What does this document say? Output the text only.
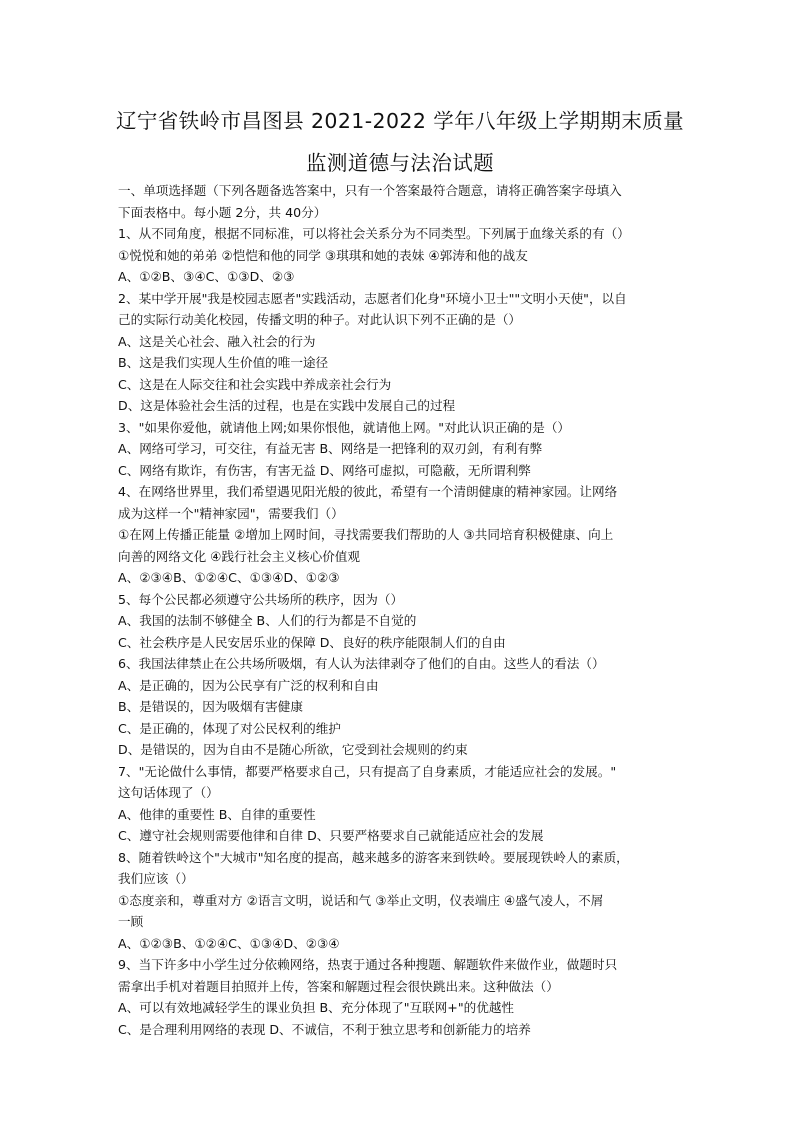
辽宁省铁岭市昌图县 2021-2022 学年八年级上学期期末质量
监测道德与法治试题
一、单项选择题（下列各题备选答案中，只有一个答案最符合题意，请将正确答案字母填入
下面表格中。每小题 2分，共 40分）
1、从不同角度，根据不同标准，可以将社会关系分为不同类型。下列属于血缘关系的有（）
①悦悦和她的弟弟 ②恺恺和他的同学 ③琪琪和她的表妹 ④郭涛和他的战友
A、①②B、③④C、①③D、②③
2、某中学开展"我是校园志愿者"实践活动，志愿者们化身"环境小卫士""文明小天使"，以自
己的实际行动美化校园，传播文明的种子。对此认识下列不正确的是（）
A、这是关心社会、融入社会的行为
B、这是我们实现人生价值的唯一途径
C、这是在人际交往和社会实践中养成亲社会行为
D、这是体验社会生活的过程，也是在实践中发展自己的过程
3、"如果你爱他，就请他上网;如果你恨他，就请他上网。"对此认识正确的是（）
A、网络可学习，可交往，有益无害 B、网络是一把锋利的双刃剑，有利有弊
C、网络有欺诈，有伤害，有害无益 D、网络可虚拟，可隐蔽，无所谓利弊
4、在网络世界里，我们希望遇见阳光般的彼此，希望有一个清朗健康的精神家园。让网络
成为这样一个"精神家园"，需要我们（）
①在网上传播正能量 ②增加上网时间，寻找需要我们帮助的人 ③共同培育积极健康、向上
向善的网络文化 ④践行社会主义核心价值观
A、②③④B、①②④C、①③④D、①②③
5、每个公民都必须遵守公共场所的秩序，因为（）
A、我国的法制不够健全 B、人们的行为都是不自觉的
C、社会秩序是人民安居乐业的保障 D、良好的秩序能限制人们的自由
6、我国法律禁止在公共场所吸烟，有人认为法律剥夺了他们的自由。这些人的看法（）
A、是正确的，因为公民享有广泛的权利和自由
B、是错误的，因为吸烟有害健康
C、是正确的，体现了对公民权利的维护
D、是错误的，因为自由不是随心所欲，它受到社会规则的约束
7、"无论做什么事情，都要严格要求自己，只有提高了自身素质，才能适应社会的发展。"
这句话体现了（）
A、他律的重要性 B、自律的重要性
C、遵守社会规则需要他律和自律 D、只要严格要求自己就能适应社会的发展
8、随着铁岭这个"大城市"知名度的提高，越来越多的游客来到铁岭。要展现铁岭人的素质，
我们应该（）
①态度亲和，尊重对方 ②语言文明，说话和气 ③举止文明，仪表端庄 ④盛气凌人，不屑
一顾
A、①②③B、①②④C、①③④D、②③④
9、当下许多中小学生过分依赖网络，热衷于通过各种搜题、解题软件来做作业，做题时只
需拿出手机对着题目拍照并上传，答案和解题过程会很快跳出来。这种做法（）
A、可以有效地减轻学生的课业负担 B、充分体现了"互联网+"的优越性
C、是合理利用网络的表现 D、不诚信，不利于独立思考和创新能力的培养
